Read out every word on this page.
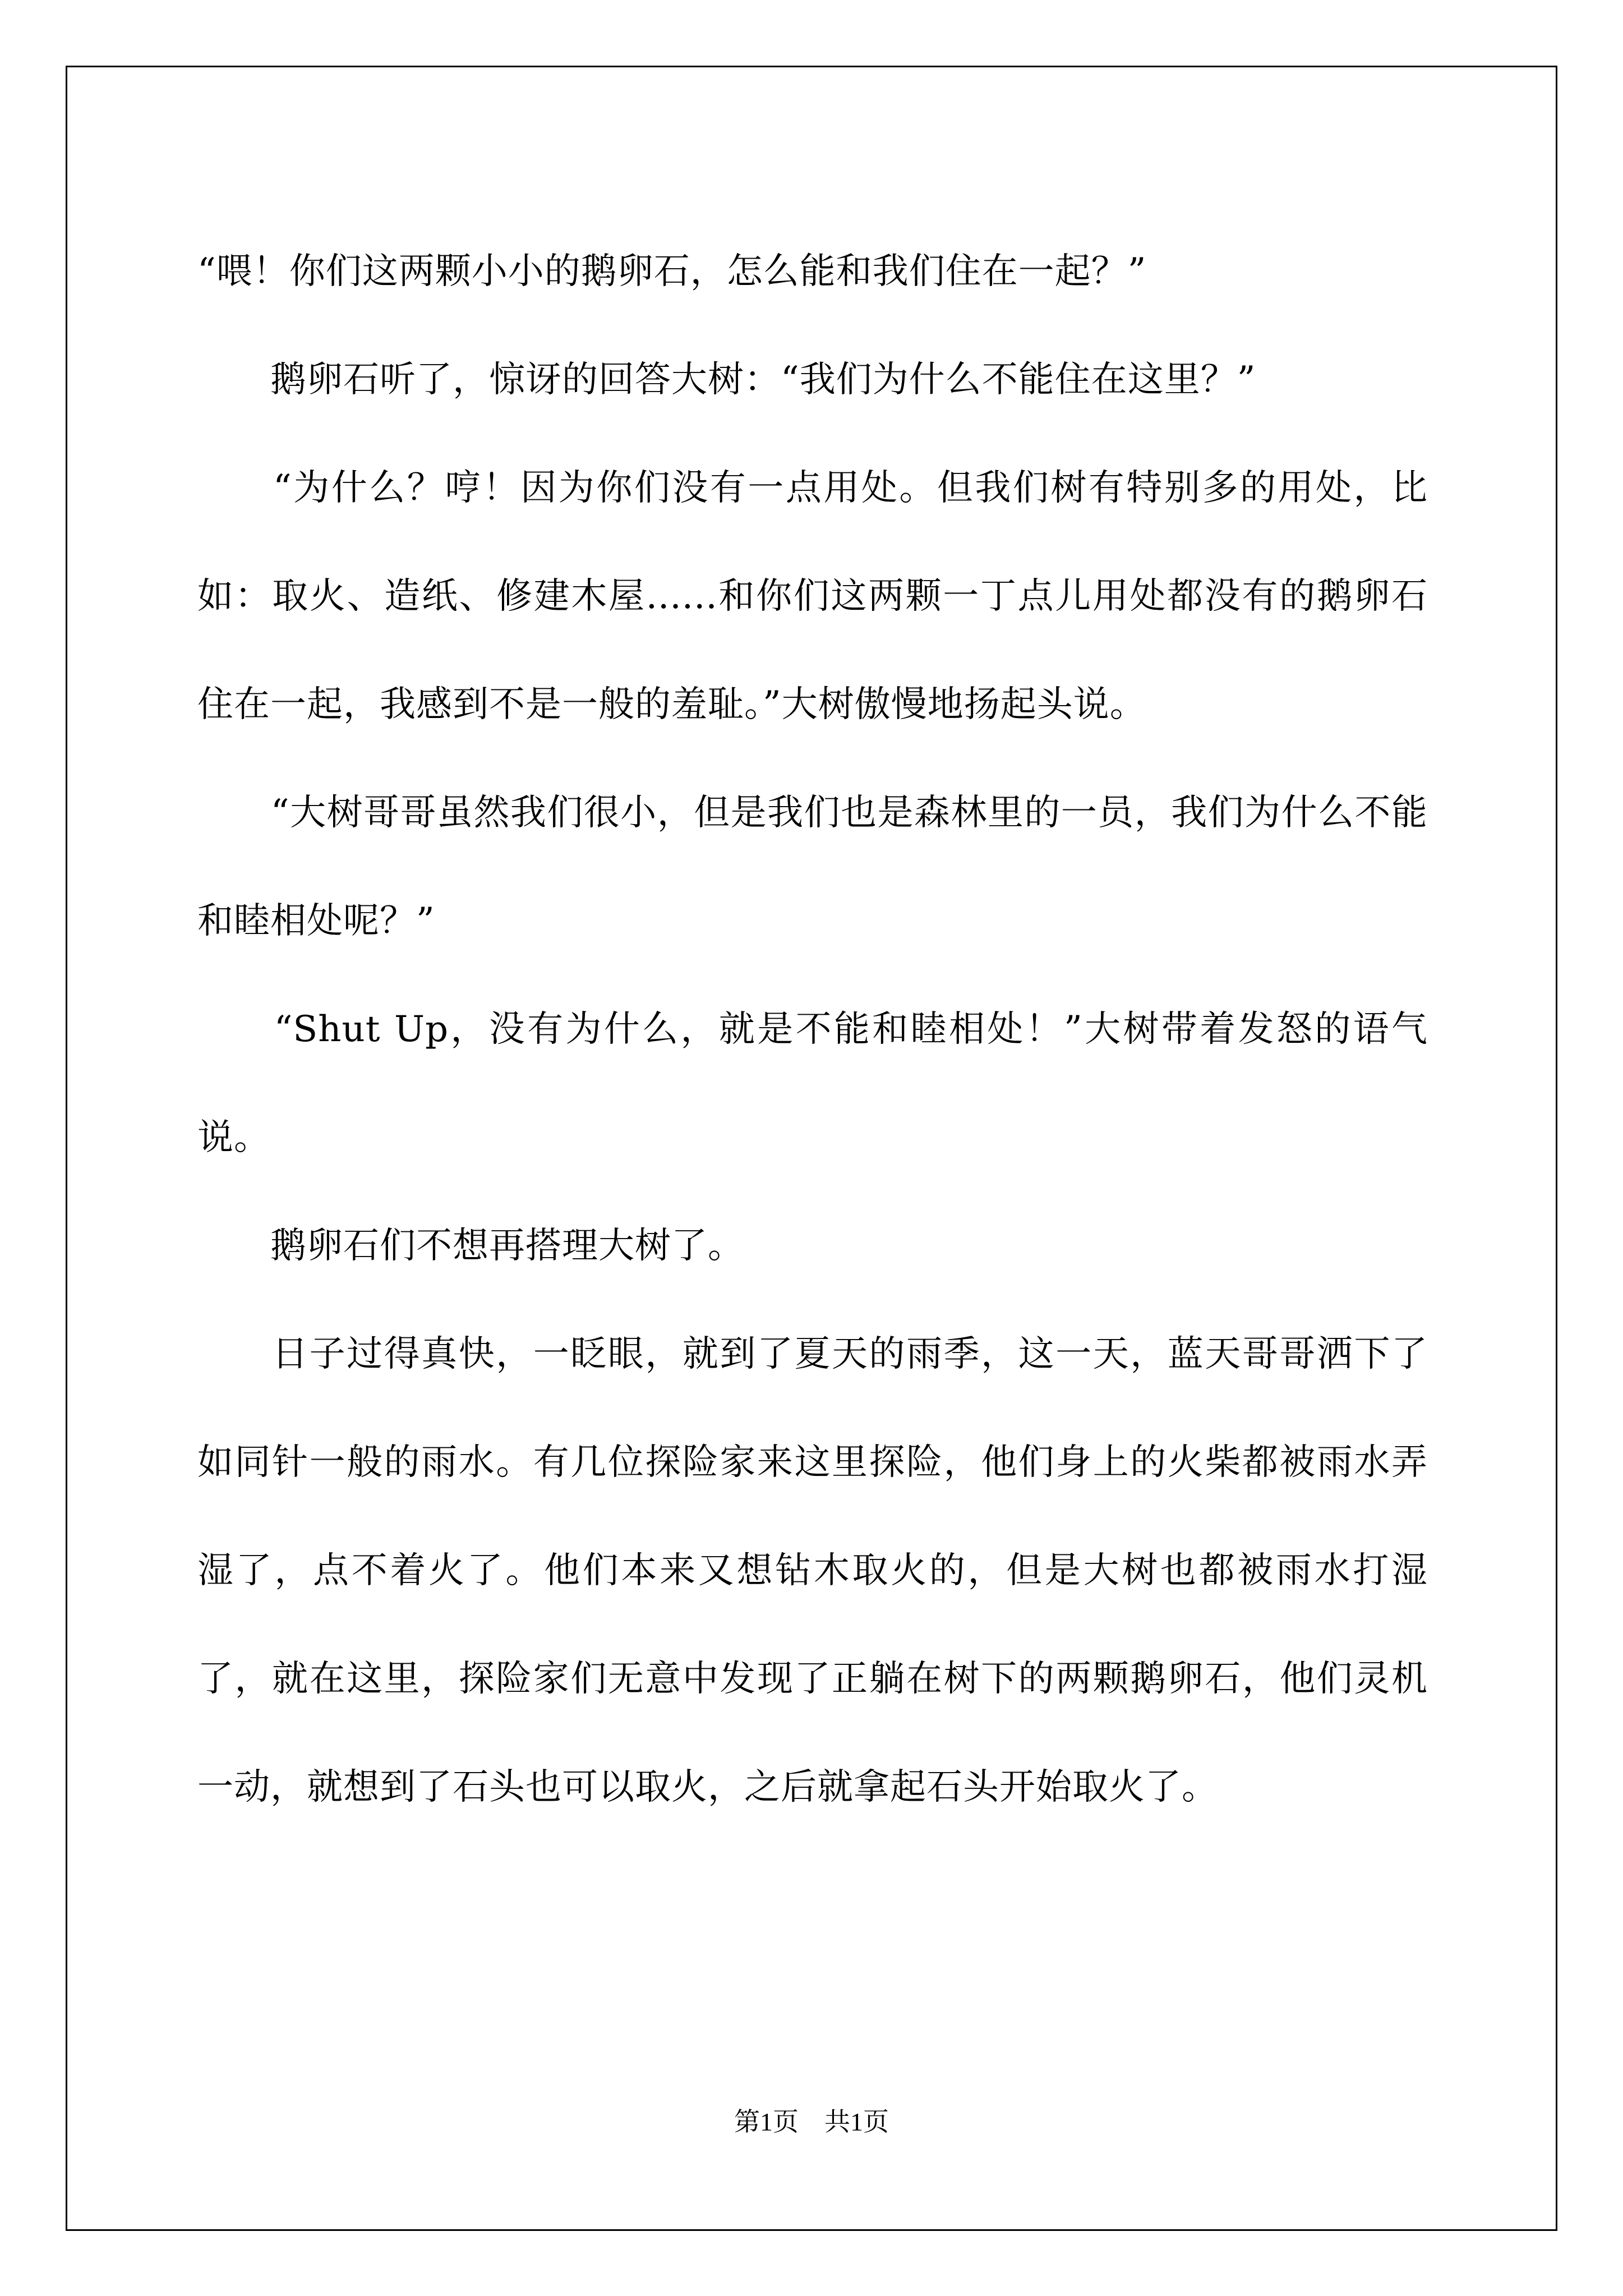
“喂！你们这两颗小小的鹅卵石，怎么能和我们住在一起？”

　　鹅卵石听了，惊讶的回答大树：“我们为什么不能住在这里？”

　　“为什么？哼！因为你们没有一点用处。但我们树有特别多的用处，比如：取火、造纸、修建木屋......和你们这两颗一丁点儿用处都没有的鹅卵石住在一起，我感到不是一般的羞耻。”大树傲慢地扬起头说。

　　“大树哥哥虽然我们很小，但是我们也是森林里的一员，我们为什么不能和睦相处呢？”

　　“Shut Up，没有为什么，就是不能和睦相处！”大树带着发怒的语气说。

　　鹅卵石们不想再搭理大树了。

　　日子过得真快，一眨眼，就到了夏天的雨季，这一天，蓝天哥哥洒下了如同针一般的雨水。有几位探险家来这里探险，他们身上的火柴都被雨水弄湿了，点不着火了。他们本来又想钻木取火的，但是大树也都被雨水打湿了，就在这里，探险家们无意中发现了正躺在树下的两颗鹅卵石，他们灵机一动，就想到了石头也可以取火，之后就拿起石头开始取火了。

第1页　共1页
